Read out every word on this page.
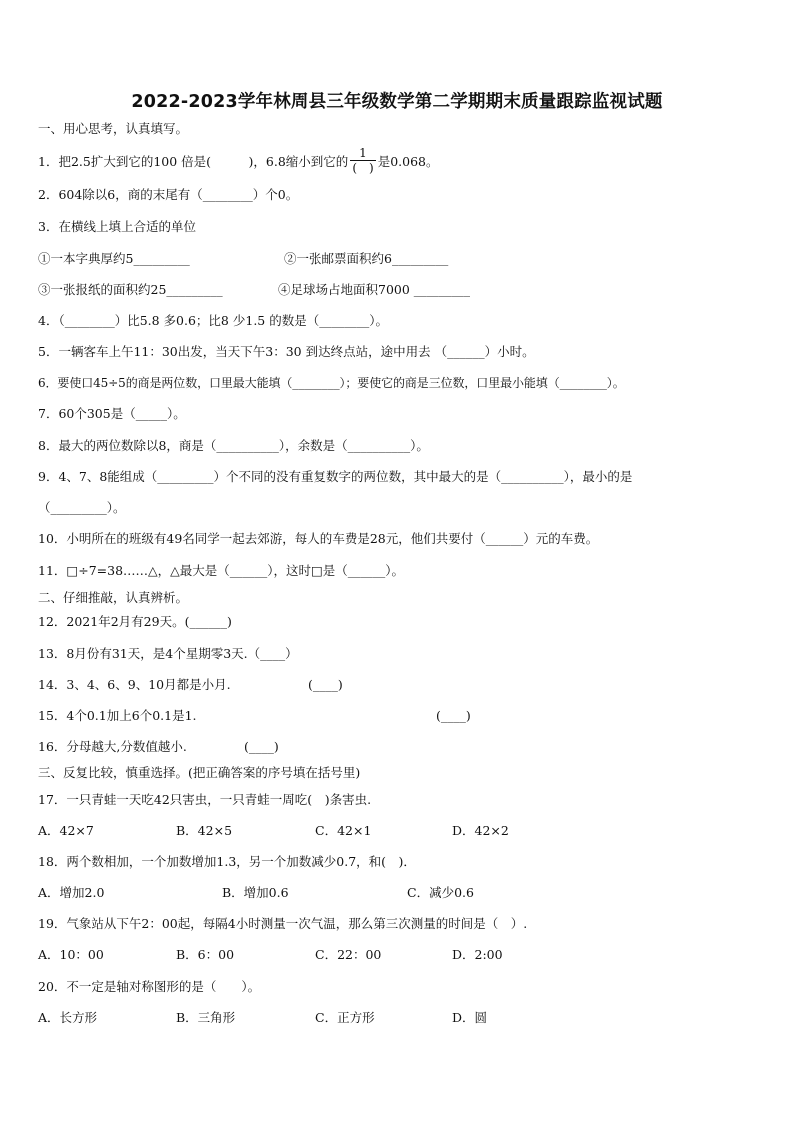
2022-2023学年林周县三年级数学第二学期期末质量跟踪监视试题
一、用心思考，认真填写。
1．把2.5扩大到它的100 倍是(　　　)，6.8缩小到它的 $\frac{1}{( )}$ 是0.068。
2．604除以6，商的末尾有（________）个0。
3．在横线上填上合适的单位
①一本字典厚约5_________	②一张邮票面积约6_________
③一张报纸的面积约25_________	④足球场占地面积7000 _________
4．（________）比5.8 多0.6；比8 少1.5 的数是（________）。
5．一辆客车上午11：30出发，当天下午3：30 到达终点站，途中用去 （______）小时。
6．要使口45÷5的商是两位数，口里最大能填（________）；要使它的商是三位数，口里最小能填（________）。
7．60个305是（_____）。
8．最大的两位数除以8，商是（__________），余数是（__________）。
9．4、7、8能组成（_________）个不同的没有重复数字的两位数，其中最大的是（__________），最小的是
（_________）。
10．小明所在的班级有49名同学一起去郊游，每人的车费是28元，他们共要付（______）元的车费。
11．□÷7=38……△，△最大是（______），这时□是（______）。
二、仔细推敲，认真辨析。
12．2021年2月有29天。(______)
13．8月份有31天，是4个星期零3天.（____）
14．3、4、6、9、10月都是小月.	(____)
15．4个0.1加上6个0.1是1.	(____)
16．分母越大,分数值越小.	(____)
三、反复比较，慎重选择。(把正确答案的序号填在括号里)
17．一只青蛙一天吃42只害虫，一只青蛙一周吃(　)条害虫.
A．42×7	B．42×5	C．42×1	D．42×2
18．两个数相加，一个加数增加1.3，另一个加数减少0.7，和(　)．
A．增加2.0	B．增加0.6	C．减少0.6
19．气象站从下午2：00起，每隔4小时测量一次气温，那么第三次测量的时间是（　）.
A．10：00	B．6：00	C．22：00	D．2:00
20．不一定是轴对称图形的是（　　）。
A．长方形	B．三角形	C．正方形	D．圆
